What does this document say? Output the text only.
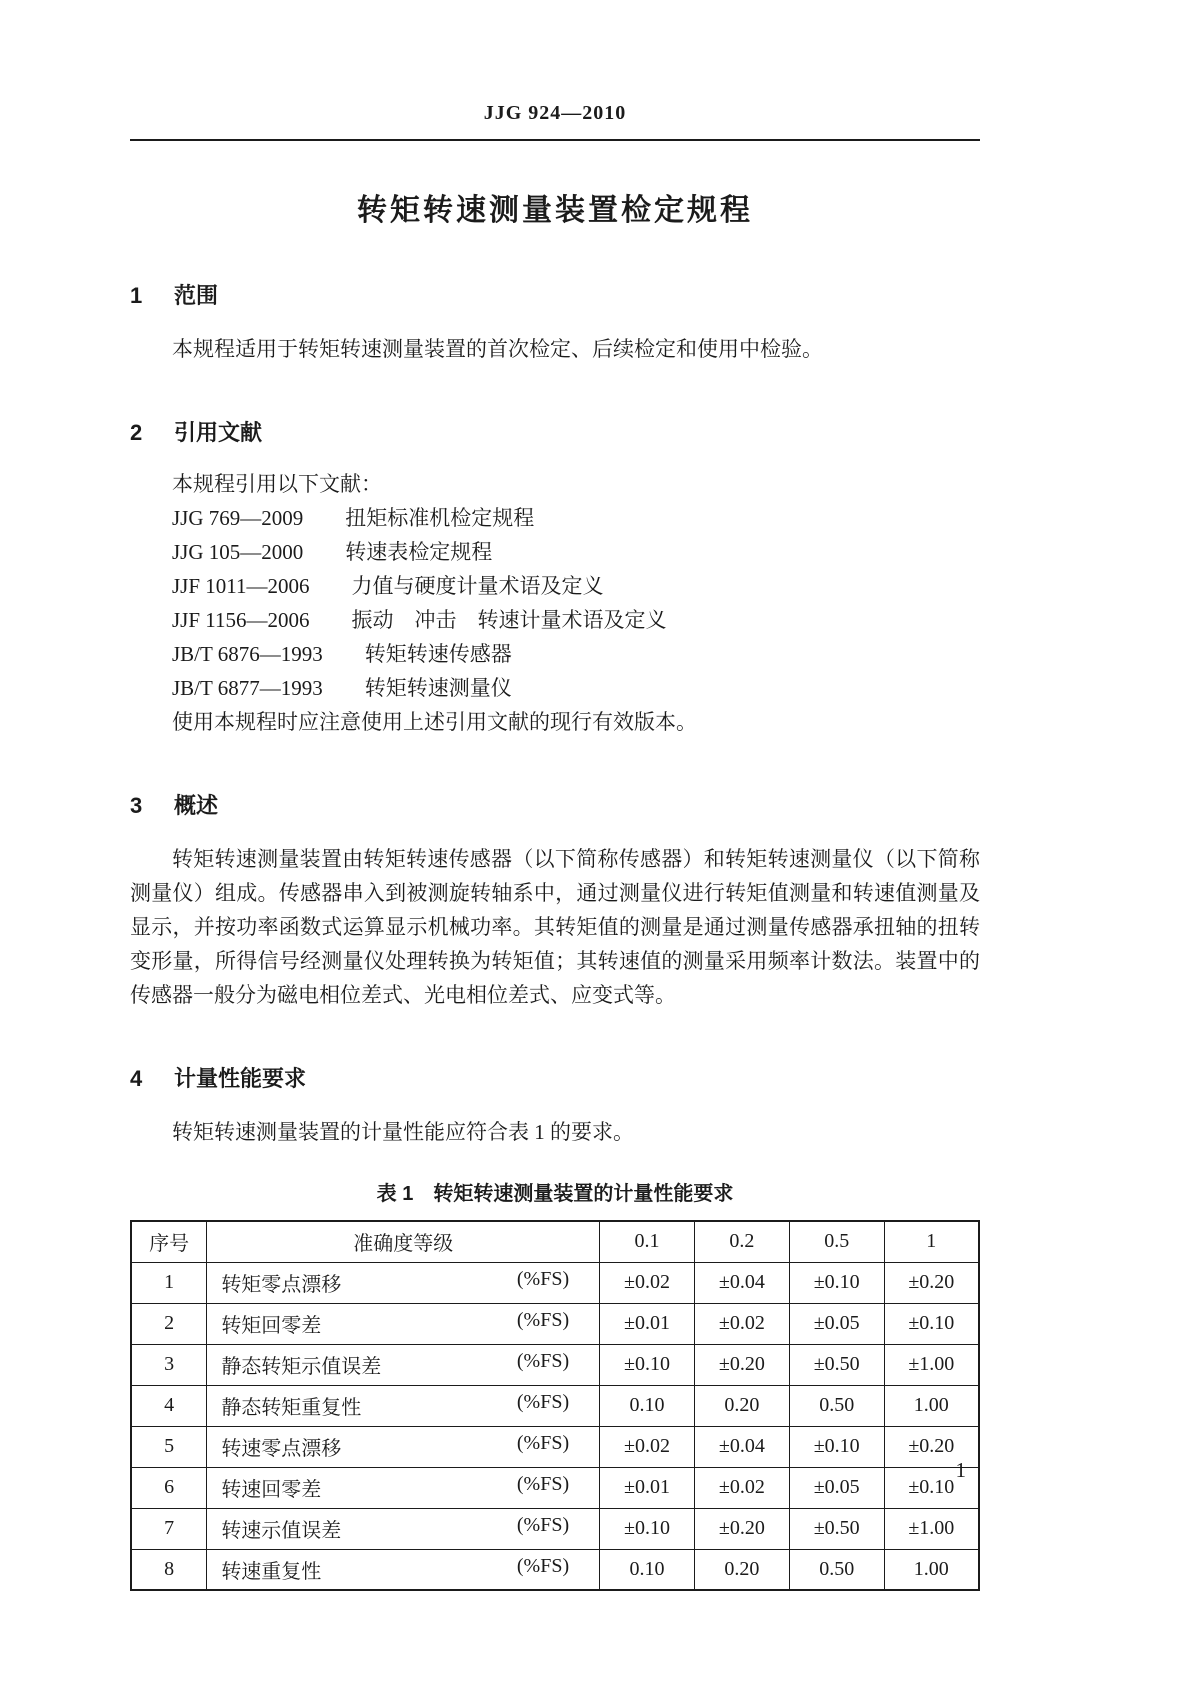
JJG 924—2010
转矩转速测量装置检定规程
1	范围

本规程适用于转矩转速测量装置的首次检定、后续检定和使用中检验。

2	引用文献
本规程引用以下文献：
JJG 769—2009　　扭矩标准机检定规程
JJG 105—2000　　转速表检定规程
JJF 1011—2006　　力值与硬度计量术语及定义
JJF 1156—2006　　振动　冲击　转速计量术语及定义
JB/T 6876—1993　　转矩转速传感器
JB/T 6877—1993　　转矩转速测量仪
使用本规程时应注意使用上述引用文献的现行有效版本。
3	概述

转矩转速测量装置由转矩转速传感器（以下简称传感器）和转矩转速测量仪（以下简称测量仪）组成。传感器串入到被测旋转轴系中，通过测量仪进行转矩值测量和转速值测量及显示，并按功率函数式运算显示机械功率。其转矩值的测量是通过测量传感器承扭轴的扭转变形量，所得信号经测量仪处理转换为转矩值；其转速值的测量采用频率计数法。装置中的传感器一般分为磁电相位差式、光电相位差式、应变式等。

4	计量性能要求

转矩转速测量装置的计量性能应符合表 1 的要求。

表 1　转矩转速测量装置的计量性能要求
序号	准确度等级	0.1	0.2	0.5	1
1	转矩零点漂移 (%FS)	±0.02	±0.04	±0.10	±0.20
2	转矩回零差 (%FS)	±0.01	±0.02	±0.05	±0.10
3	静态转矩示值误差 (%FS)	±0.10	±0.20	±0.50	±1.00
4	静态转矩重复性 (%FS)	0.10	0.20	0.50	1.00
5	转速零点漂移 (%FS)	±0.02	±0.04	±0.10	±0.20
6	转速回零差 (%FS)	±0.01	±0.02	±0.05	±0.10
7	转速示值误差 (%FS)	±0.10	±0.20	±0.50	±1.00
8	转速重复性 (%FS)	0.10	0.20	0.50	1.00
1
